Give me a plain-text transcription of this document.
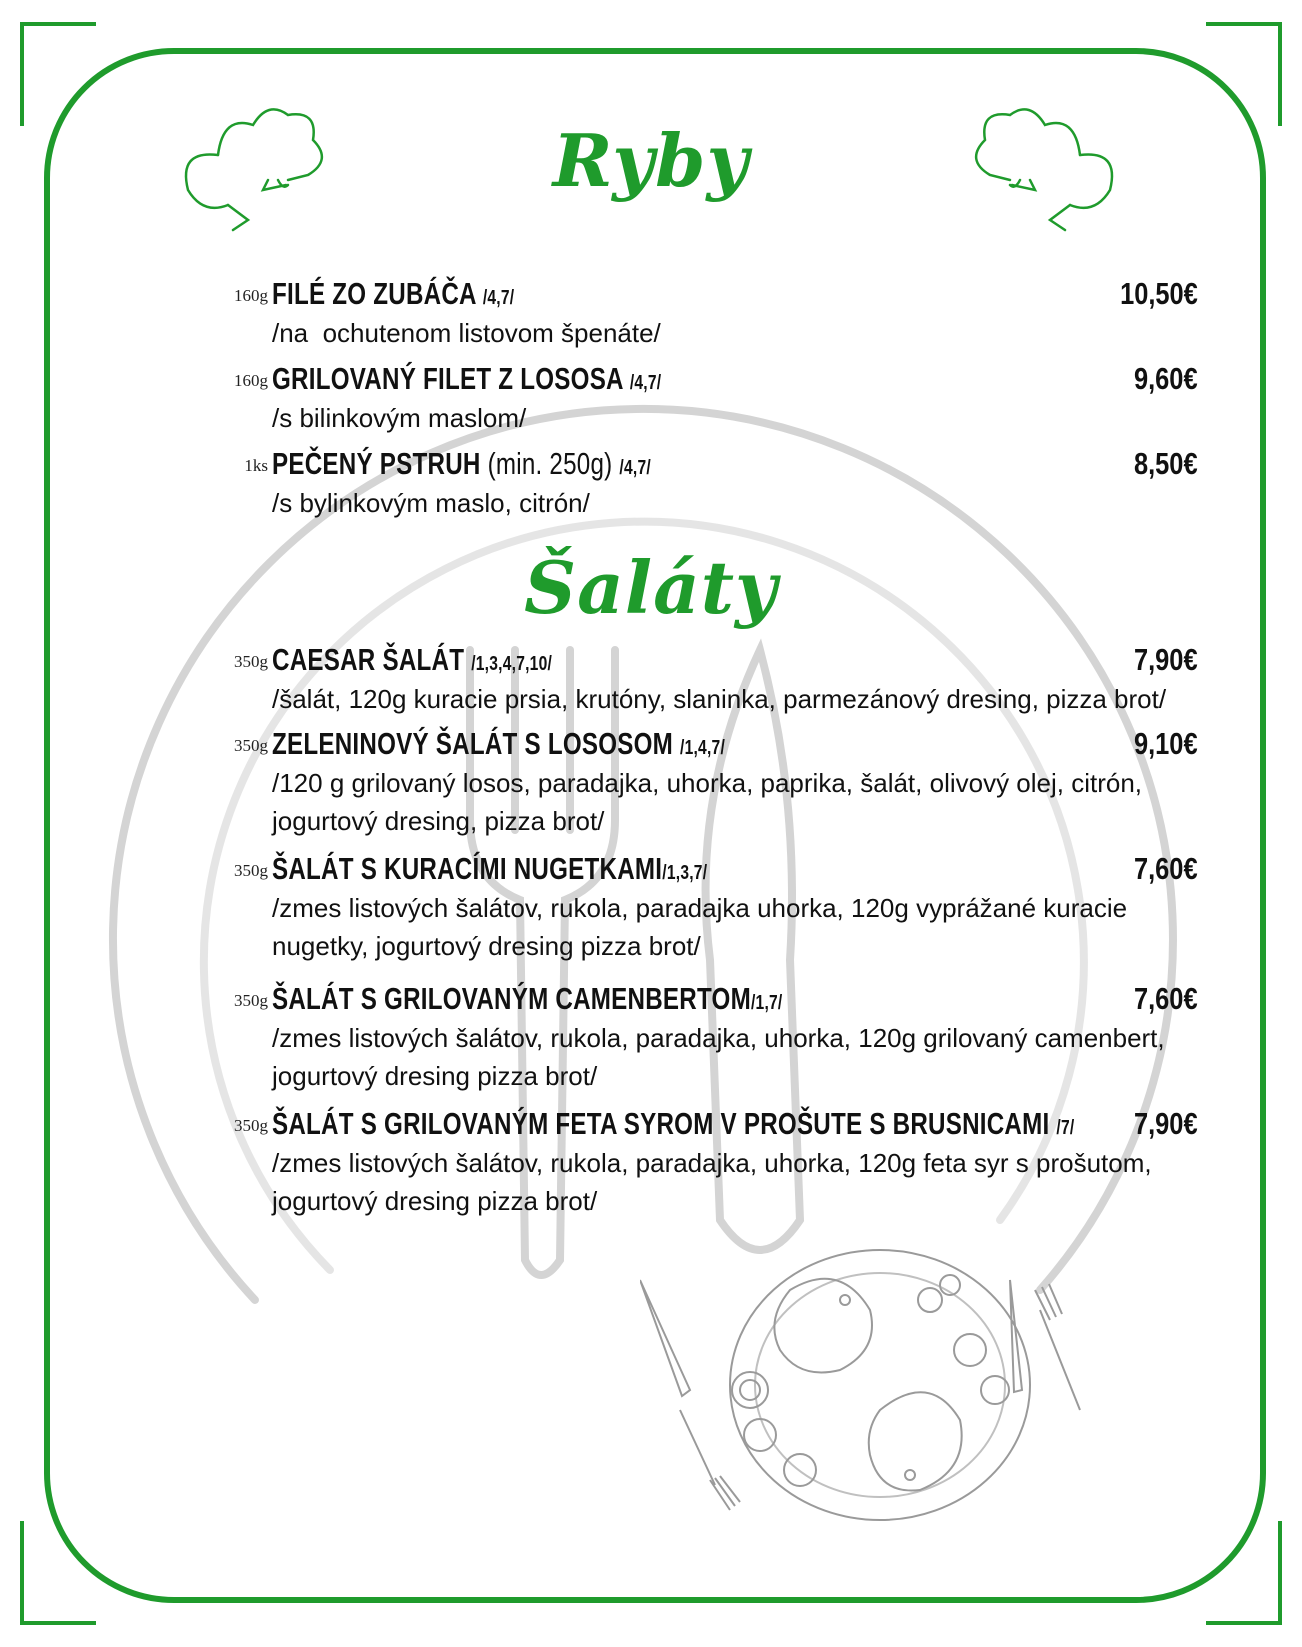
Ryby
160g FILÉ ZO ZUBÁČA /4,7/	10,50€
/na  ochutenom listovom špenáte/
160g GRILOVANÝ FILET Z LOSOSA /4,7/	9,60€
/s bilinkovým maslom/
1ks PEČENÝ PSTRUH (min. 250g) /4,7/	8,50€
/s bylinkovým maslo, citrón/
Šaláty
350g CAESAR ŠALÁT /1,3,4,7,10/	7,90€
/šalát, 120g kuracie prsia, krutóny, slaninka, parmezánový dresing, pizza brot/
350g ZELENINOVÝ ŠALÁT S LOSOSOM /1,4,7/	9,10€
/120 g grilovaný losos, paradajka, uhorka, paprika, šalát, olivový olej, citrón,
jogurtový dresing, pizza brot/
350g ŠALÁT S KURACÍMI NUGETKAMI/1,3,7/	7,60€
/zmes listových šalátov, rukola, paradajka uhorka, 120g vyprážané kuracie
nugetky, jogurtový dresing pizza brot/
350g ŠALÁT S GRILOVANÝM CAMENBERTOM/1,7/	7,60€
/zmes listových šalátov, rukola, paradajka, uhorka, 120g grilovaný camenbert,
jogurtový dresing pizza brot/
350g ŠALÁT S GRILOVANÝM FETA SYROM V PROŠUTE S BRUSNICAMI /7/ 7,90€
/zmes listových šalátov, rukola, paradajka, uhorka, 120g feta syr s prošutom,
jogurtový dresing pizza brot/
